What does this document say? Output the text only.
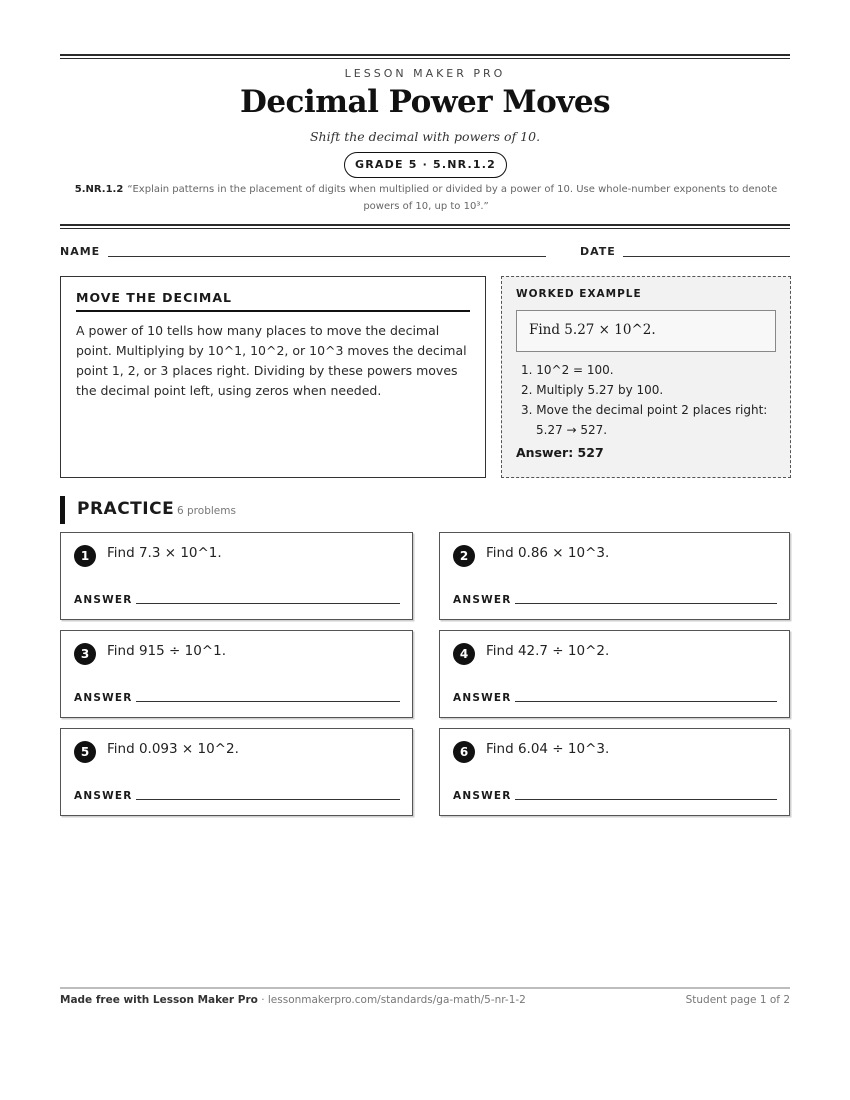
LESSON MAKER PRO
Decimal Power Moves
Shift the decimal with powers of 10.
GRADE 5 · 5.NR.1.2
5.NR.1.2 “Explain patterns in the placement of digits when multiplied or divided by a power of 10. Use whole-number exponents to denote powers of 10, up to 10³.”
NAME	DATE
MOVE THE DECIMAL
A power of 10 tells how many places to move the decimal point. Multiplying by 10^1, 10^2, or 10^3 moves the decimal point 1, 2, or 3 places right. Dividing by these powers moves the decimal point left, using zeros when needed.
WORKED EXAMPLE
Find 5.27 × 10^2.
1. 10^2 = 100.
2. Multiply 5.27 by 100.
3. Move the decimal point 2 places right: 5.27 → 527.
Answer: 527
PRACTICE 6 problems
1	Find 7.3 × 10^1.
ANSWER
2	Find 0.86 × 10^3.
ANSWER
3	Find 915 ÷ 10^1.
ANSWER
4	Find 42.7 ÷ 10^2.
ANSWER
5	Find 0.093 × 10^2.
ANSWER
6	Find 6.04 ÷ 10^3.
ANSWER
Made free with Lesson Maker Pro · lessonmakerpro.com/standards/ga-math/5-nr-1-2	Student page 1 of 2
